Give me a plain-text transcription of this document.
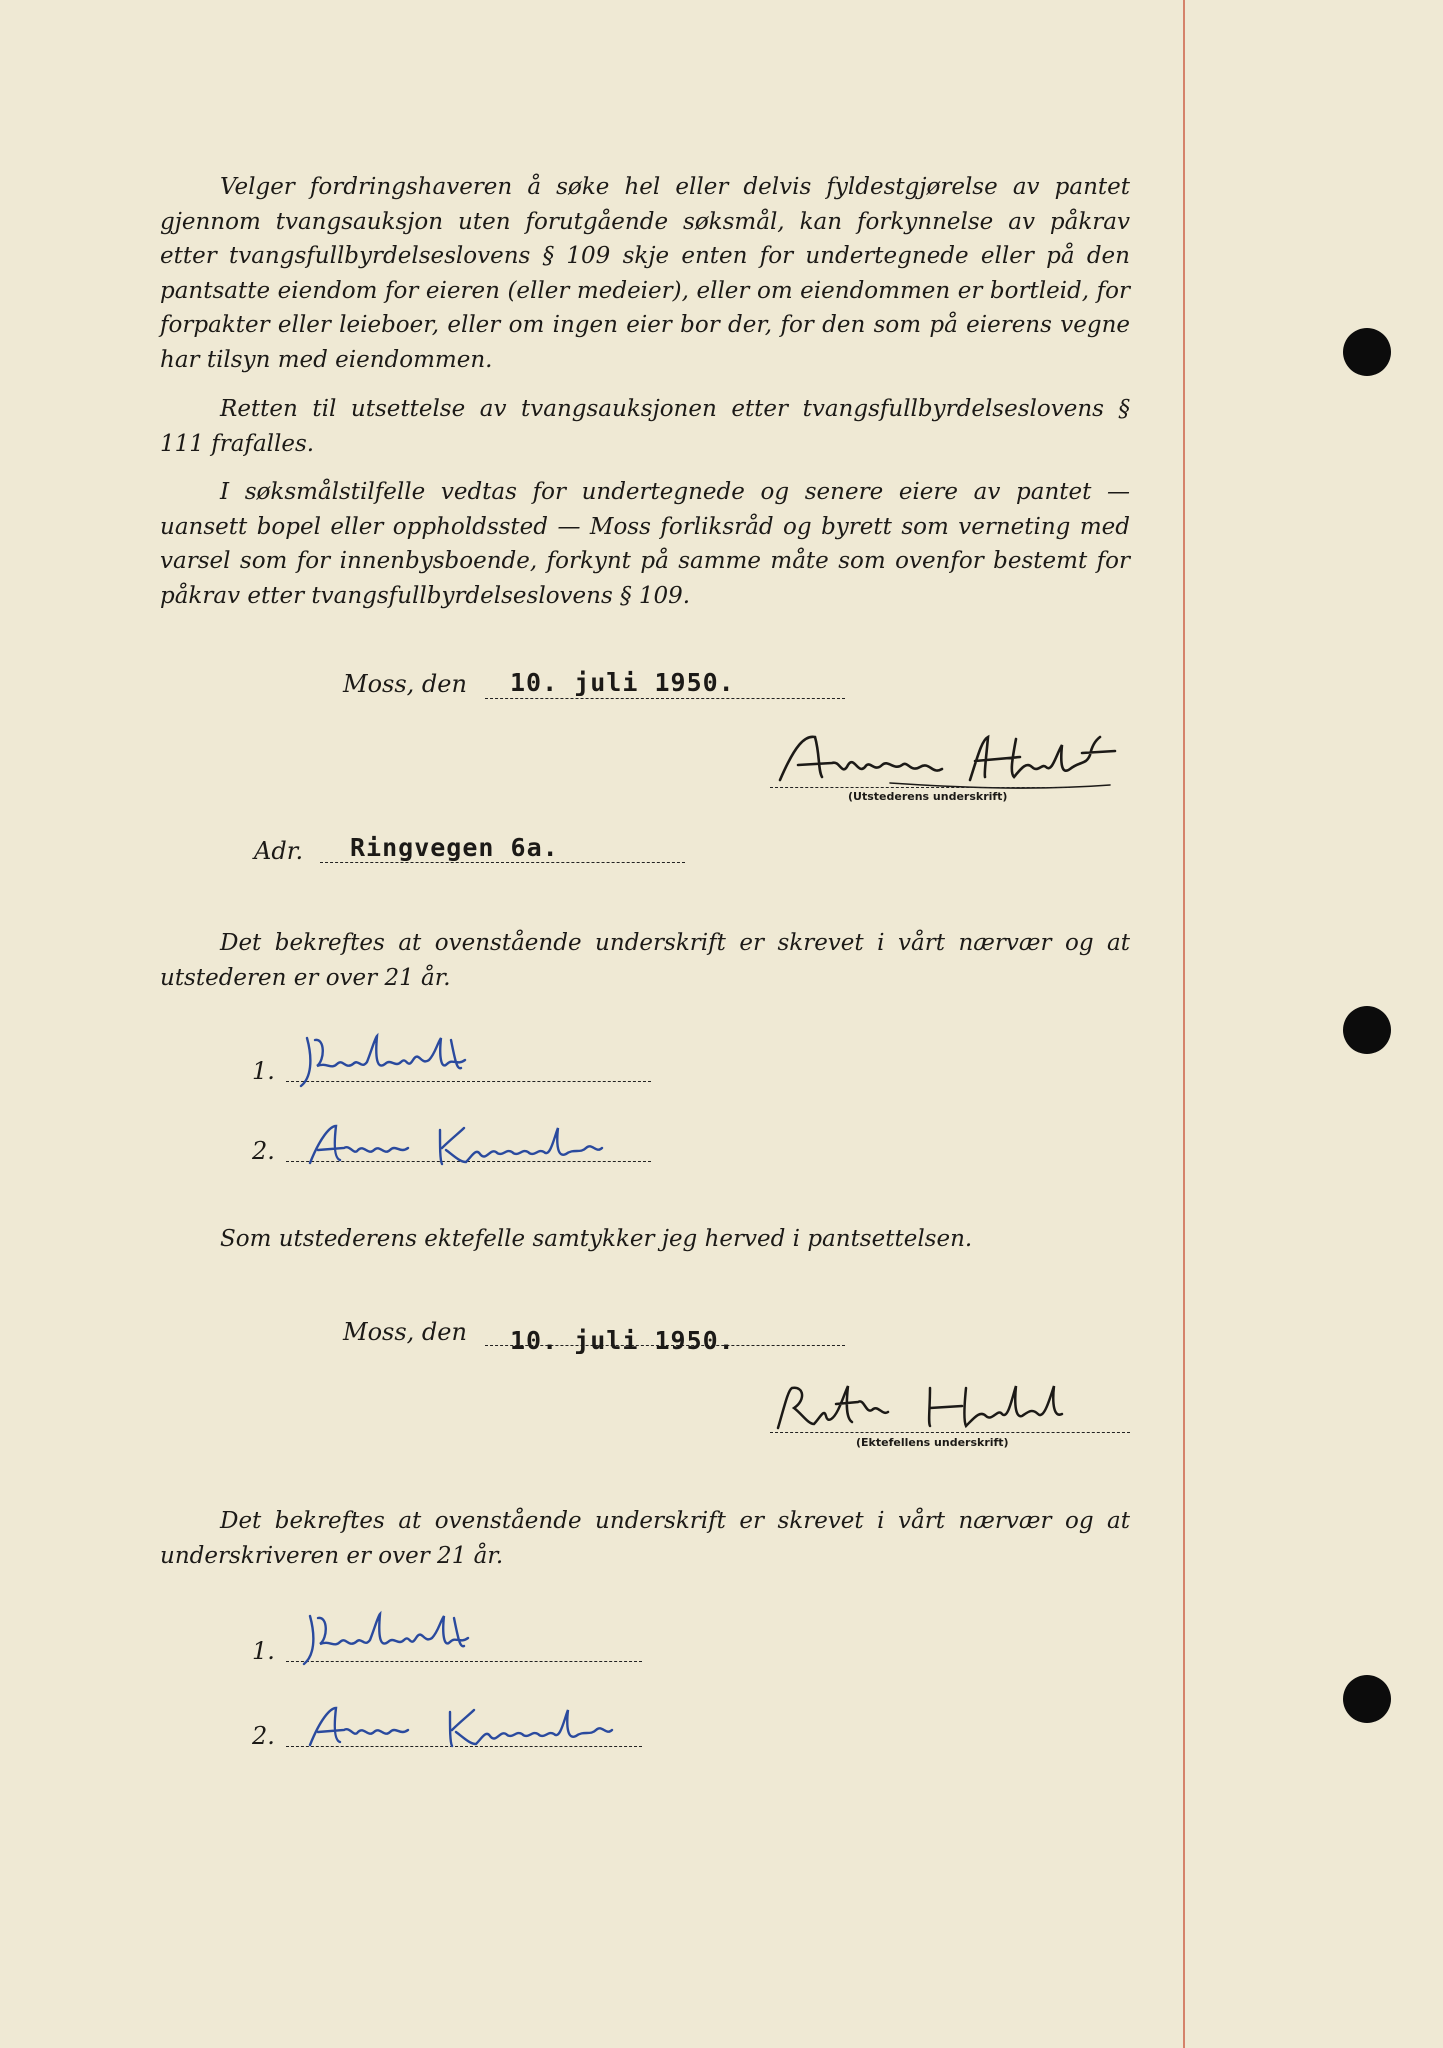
Velger fordringshaveren å søke hel eller delvis fyldestgjørelse av pantet gjennom tvangsauksjon uten forutgående søksmål, kan forkynnelse av påkrav etter tvangsfullbyrdelseslovens § 109 skje enten for undertegnede eller på den pantsatte eiendom for eieren (eller medeier), eller om eiendommen er bortleid, for forpakter eller leieboer, eller om ingen eier bor der, for den som på eierens vegne har tilsyn med eiendommen.

Retten til utsettelse av tvangsauksjonen etter tvangsfullbyrdelseslovens § 111 frafalles.

I søksmålstilfelle vedtas for undertegnede og senere eiere av pantet — uansett bopel eller oppholdssted — Moss forliksråd og byrett som verneting med varsel som for innenbysboende, forkynt på samme måte som ovenfor bestemt for påkrav etter tvangsfullbyrdelseslovens § 109.

Moss, den 10. juli 1950.
(Utstederens underskrift)
Adr. Ringvegen 6a.

Det bekreftes at ovenstående underskrift er skrevet i vårt nærvær og at utstederen er over 21 år.

1.
2.

Som utstederens ektefelle samtykker jeg herved i pantsettelsen.

Moss, den 10. juli 1950.
(Ektefellens underskrift)

Det bekreftes at ovenstående underskrift er skrevet i vårt nærvær og at underskriveren er over 21 år.

1.
2.
